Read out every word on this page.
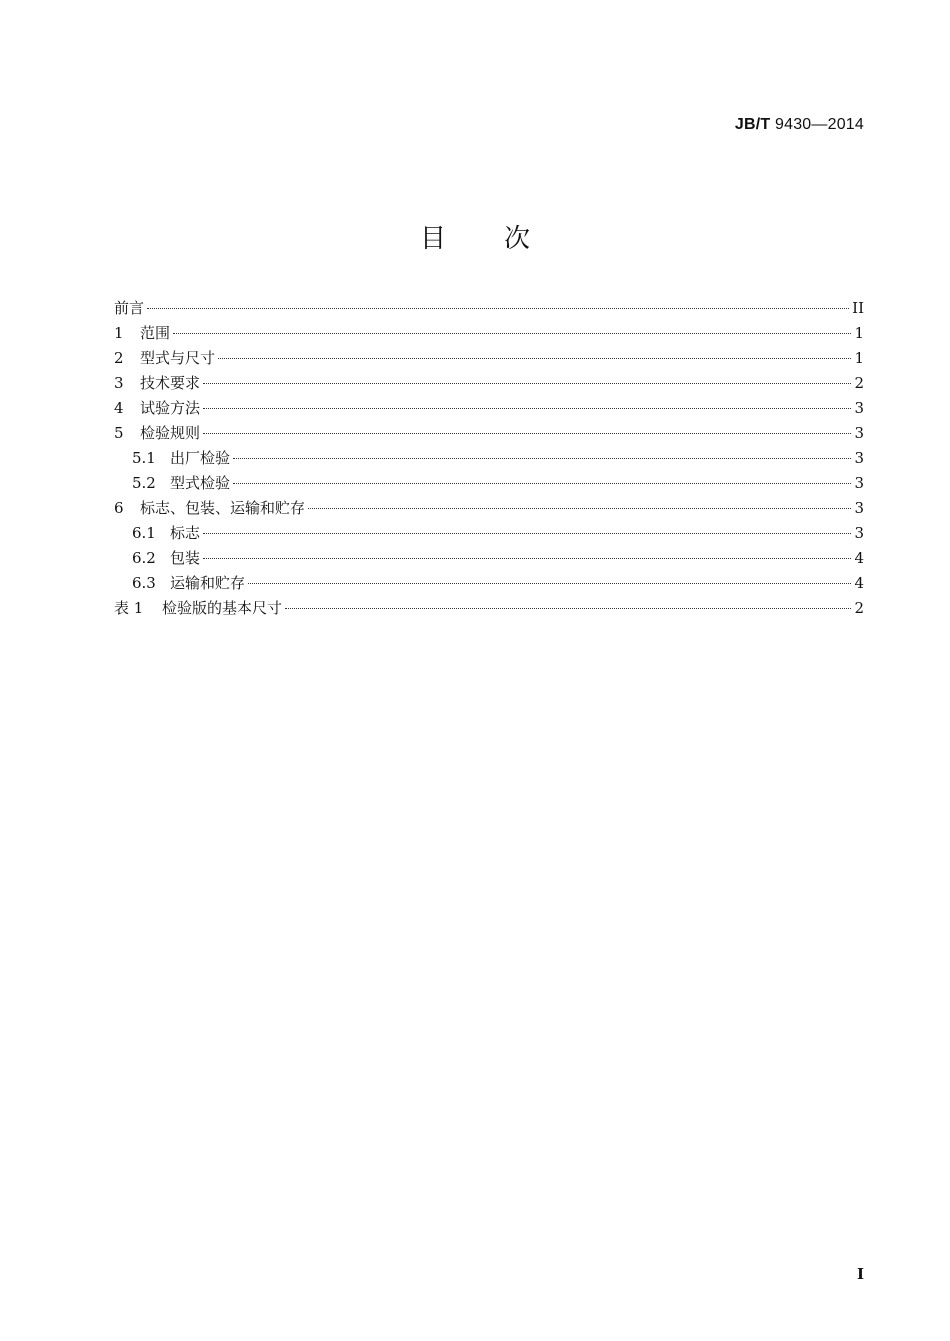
JB/T 9430—2014
目次
前言	II
1	范围	1
2	型式与尺寸	1
3	技术要求	2
4	试验方法	3
5	检验规则	3
5.1 出厂检验	3
5.2 型式检验	3
6	标志、包装、运输和贮存	3
6.1 标志	3
6.2 包装	4
6.3 运输和贮存	4
表 1	检验版的基本尺寸	2
I
